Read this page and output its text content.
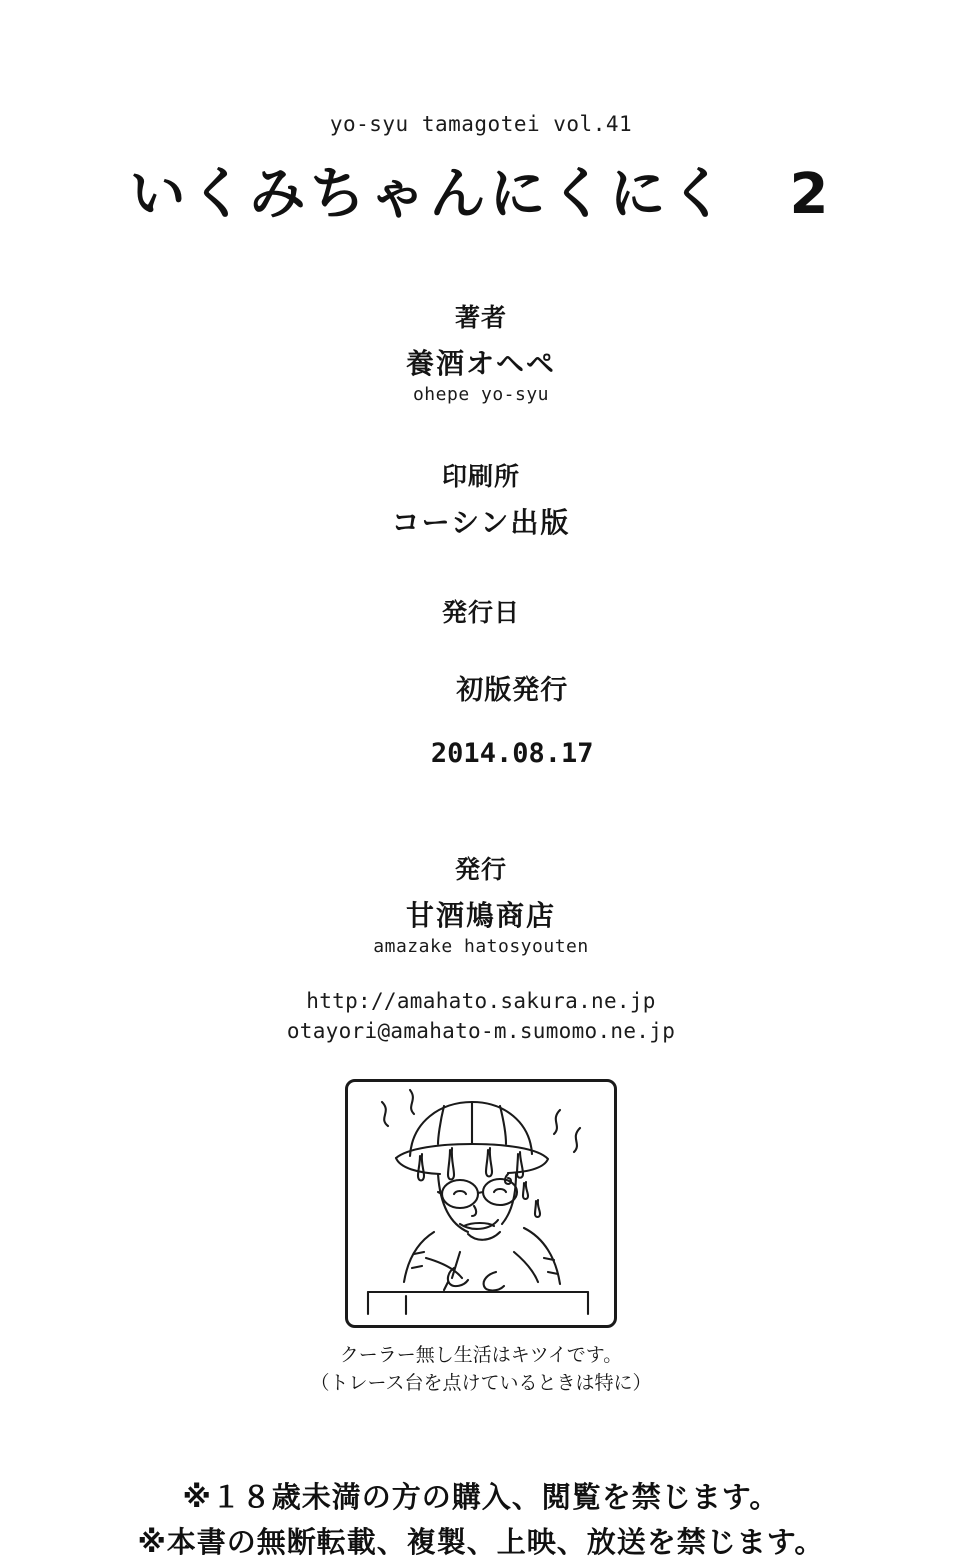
yo-syu tamagotei vol.41
いくみちゃんにくにく　2
著者
養酒オヘペ
ohepe yo-syu
印刷所
コーシン出版
発行日

初版発行

2014.08.17

発行
甘酒鳩商店
amazake hatosyouten
http://amahato.sakura.ne.jp
otayori@amahato-m.sumomo.ne.jp
クーラー無し生活はキツイです。
（トレース台を点けているときは特に）
※１８歳未満の方の購入、閲覧を禁じます。
※本書の無断転載、複製、上映、放送を禁じます。
